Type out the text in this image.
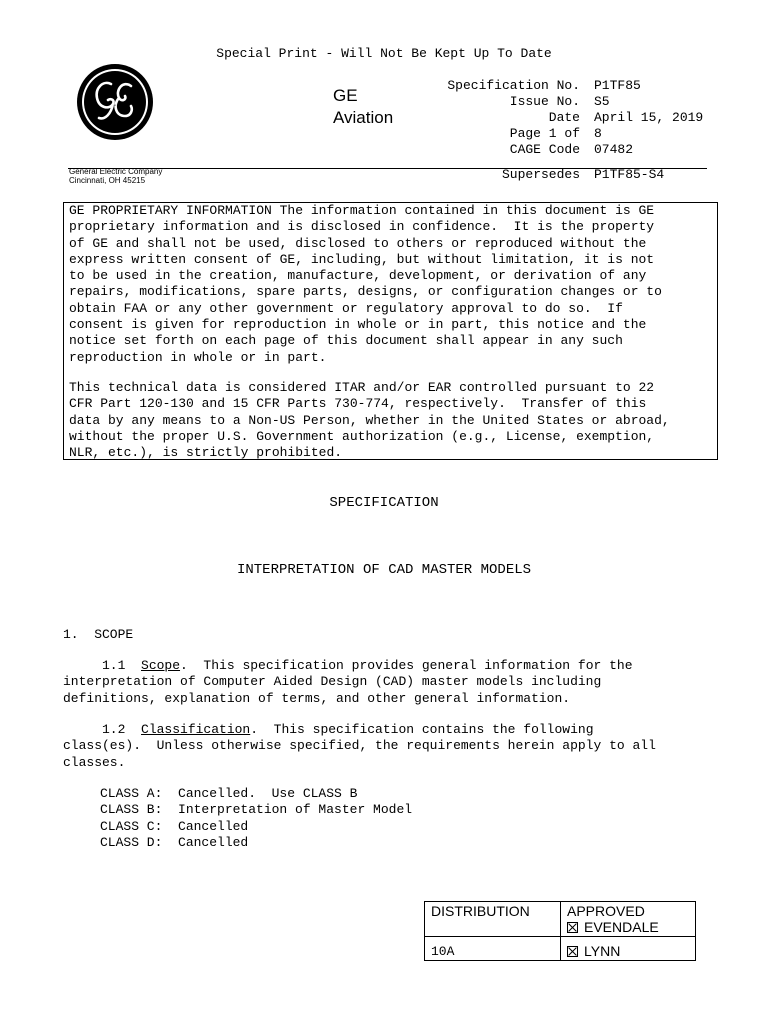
Special Print - Will Not Be Kept Up To Date
GE
General Electric Company
Cincinnati, OH 45215
GE
Aviation
Specification No. P1TF85
Issue No. S5
Date April 15, 2019
Page 1 of 8
CAGE Code 07482
Supersedes P1TF85-S4
GE PROPRIETARY INFORMATION The information contained in this document is GE
proprietary information and is disclosed in confidence.  It is the property
of GE and shall not be used, disclosed to others or reproduced without the
express written consent of GE, including, but without limitation, it is not
to be used in the creation, manufacture, development, or derivation of any
repairs, modifications, spare parts, designs, or configuration changes or to
obtain FAA or any other government or regulatory approval to do so.  If
consent is given for reproduction in whole or in part, this notice and the
notice set forth on each page of this document shall appear in any such
reproduction in whole or in part.
This technical data is considered ITAR and/or EAR controlled pursuant to 22
CFR Part 120-130 and 15 CFR Parts 730-774, respectively.  Transfer of this
data by any means to a Non-US Person, whether in the United States or abroad,
without the proper U.S. Government authorization (e.g., License, exemption,
NLR, etc.), is strictly prohibited.
SPECIFICATION
INTERPRETATION OF CAD MASTER MODELS
1.  SCOPE
1.1  Scope.  This specification provides general information for the
interpretation of Computer Aided Design (CAD) master models including
definitions, explanation of terms, and other general information.
1.2  Classification.  This specification contains the following
class(es).  Unless otherwise specified, the requirements herein apply to all
classes.
CLASS A:  Cancelled.  Use CLASS B
CLASS B:  Interpretation of Master Model
CLASS C:  Cancelled
CLASS D:  Cancelled
DISTRIBUTION	APPROVED
EVENDALE
10A	LYNN
